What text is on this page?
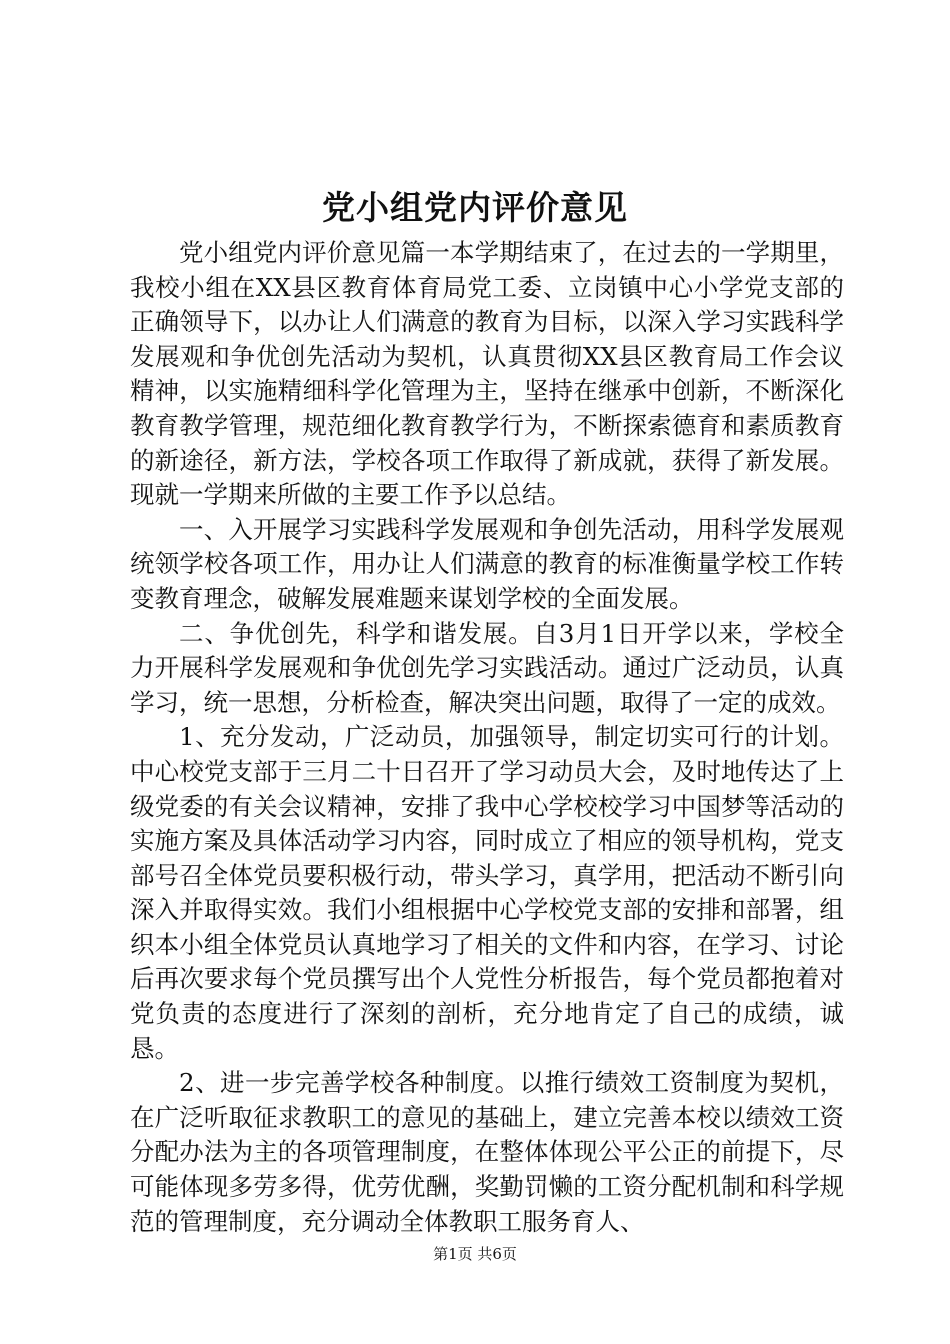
党小组党内评价意见

党小组党内评价意见篇一本学期结束了，在过去的一学期里，我校小组在XX县区教育体育局党工委、立岗镇中心小学党支部的正确领导下，以办让人们满意的教育为目标，以深入学习实践科学发展观和争优创先活动为契机，认真贯彻XX县区教育局工作会议精神，以实施精细科学化管理为主，坚持在继承中创新，不断深化教育教学管理，规范细化教育教学行为，不断探索德育和素质教育的新途径，新方法，学校各项工作取得了新成就，获得了新发展。现就一学期来所做的主要工作予以总结。

一、入开展学习实践科学发展观和争创先活动，用科学发展观统领学校各项工作，用办让人们满意的教育的标准衡量学校工作转变教育理念，破解发展难题来谋划学校的全面发展。

二、争优创先，科学和谐发展。自3月1日开学以来，学校全力开展科学发展观和争优创先学习实践活动。通过广泛动员，认真学习，统一思想，分析检查，解决突出问题，取得了一定的成效。

1、充分发动，广泛动员，加强领导，制定切实可行的计划。中心校党支部于三月二十日召开了学习动员大会，及时地传达了上级党委的有关会议精神，安排了我中心学校校学习中国梦等活动的实施方案及具体活动学习内容，同时成立了相应的领导机构，党支部号召全体党员要积极行动，带头学习，真学用，把活动不断引向深入并取得实效。我们小组根据中心学校党支部的安排和部署，组织本小组全体党员认真地学习了相关的文件和内容，在学习、讨论后再次要求每个党员撰写出个人党性分析报告，每个党员都抱着对党负责的态度进行了深刻的剖析，充分地肯定了自己的成绩，诚恳。

2、进一步完善学校各种制度。以推行绩效工资制度为契机，在广泛听取征求教职工的意见的基础上，建立完善本校以绩效工资分配办法为主的各项管理制度，在整体体现公平公正的前提下，尽可能体现多劳多得，优劳优酬，奖勤罚懒的工资分配机制和科学规范的管理制度，充分调动全体教职工服务育人、

第1页 共6页
